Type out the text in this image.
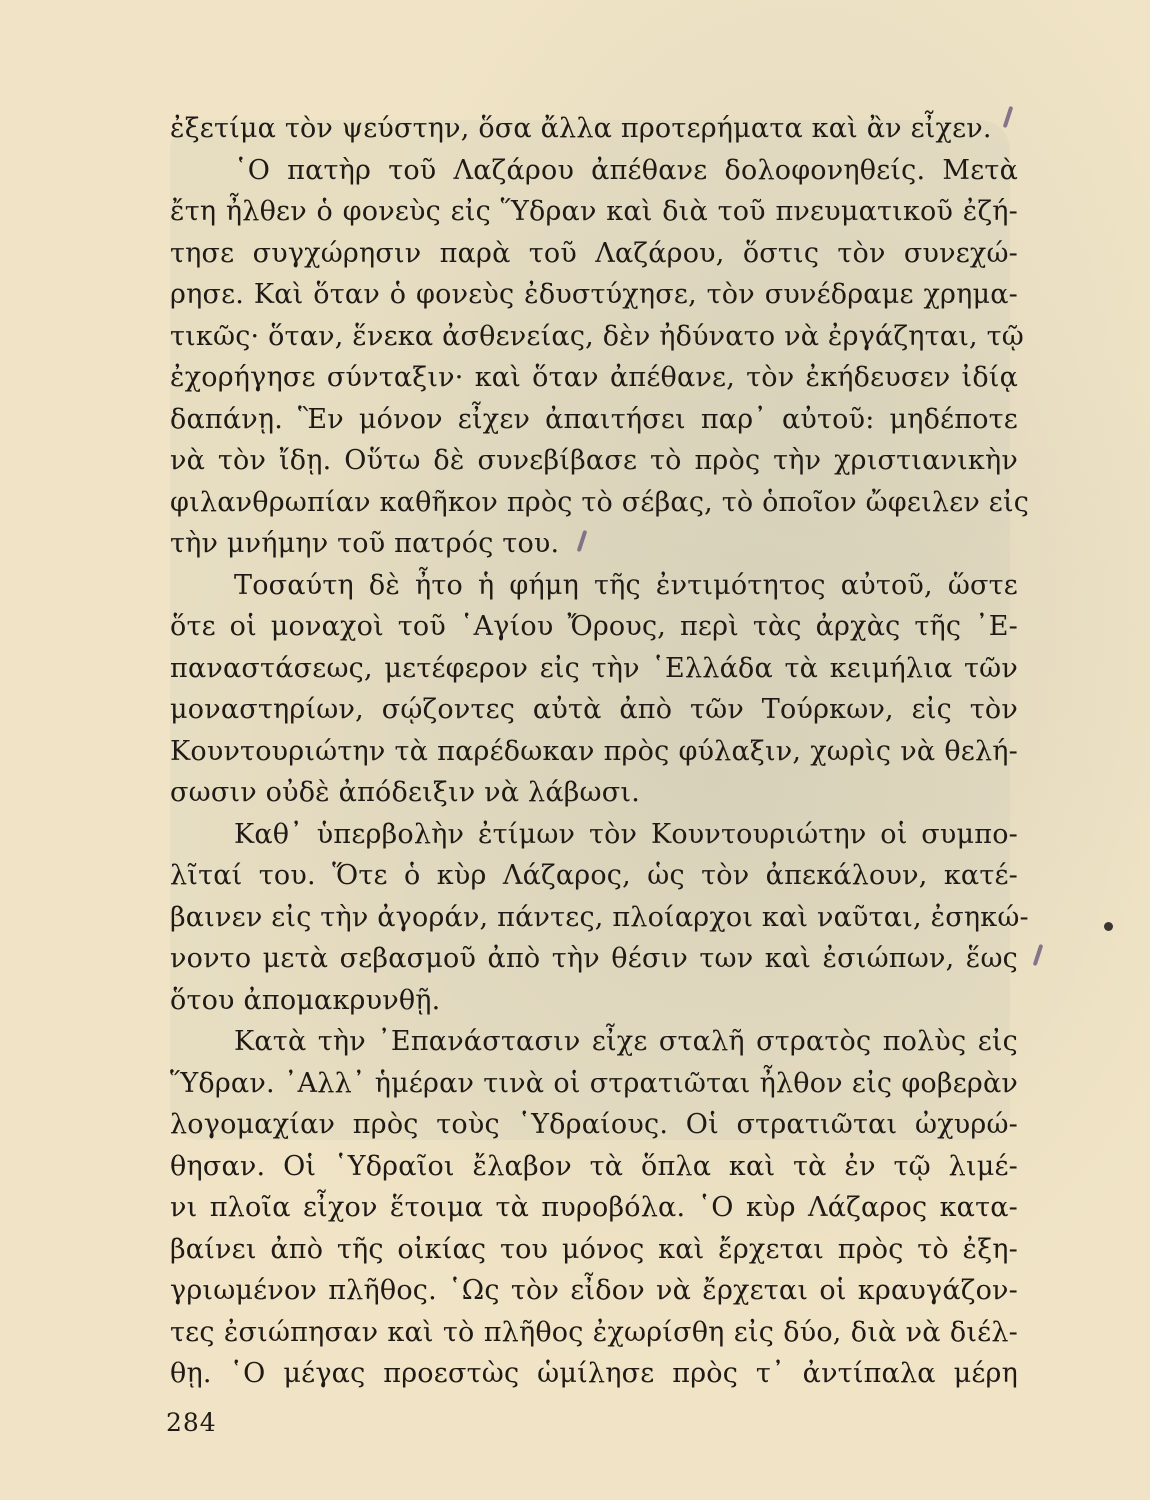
ἐξετίμα τὸν ψεύστην, ὅσα ἄλλα προτερήματα καὶ ἂν εἶχεν.
῾Ο πατὴρ τοῦ Λαζάρου ἀπέθανε δολοφονηθείς. Μετὰ
ἔτη ἦλθεν ὁ φονεὺς εἰς Ὕδραν καὶ διὰ τοῦ πνευματικοῦ ἐζή-
τησε συγχώρησιν παρὰ τοῦ Λαζάρου, ὅστις τὸν συνεχώ-
ρησε. Καὶ ὅταν ὁ φονεὺς ἐδυστύχησε, τὸν συνέδραμε χρημα-
τικῶς· ὅταν, ἕνεκα ἀσθενείας, δὲν ἠδύνατο νὰ ἐργάζηται, τῷ
ἐχορήγησε σύνταξιν· καὶ ὅταν ἀπέθανε, τὸν ἐκήδευσεν ἰδίᾳ
δαπάνῃ. Ἓν μόνον εἶχεν ἀπαιτήσει παρ᾽ αὐτοῦ: μηδέποτε
νὰ τὸν ἴδῃ. Οὕτω δὲ συνεβίβασε τὸ πρὸς τὴν χριστιανικὴν
φιλανθρωπίαν καθῆκον πρὸς τὸ σέβας, τὸ ὁποῖον ὤφειλεν εἰς
τὴν μνήμην τοῦ πατρός του.
Τοσαύτη δὲ ἦτο ἡ φήμη τῆς ἐντιμότητος αὐτοῦ, ὥστε
ὅτε οἱ μοναχοὶ τοῦ ῾Αγίου Ὄρους, περὶ τὰς ἀρχὰς τῆς ᾽Ε-
παναστάσεως, μετέφερον εἰς τὴν ῾Ελλάδα τὰ κειμήλια τῶν
μοναστηρίων, σῴζοντες αὐτὰ ἀπὸ τῶν Τούρκων, εἰς τὸν
Κουντουριώτην τὰ παρέδωκαν πρὸς φύλαξιν, χωρὶς νὰ θελή-
σωσιν οὐδὲ ἀπόδειξιν νὰ λάβωσι.
Καθ᾽ ὑπερβολὴν ἐτίμων τὸν Κουντουριώτην οἱ συμπο-
λῖταί του. Ὅτε ὁ κὺρ Λάζαρος, ὡς τὸν ἀπεκάλουν, κατέ-
βαινεν εἰς τὴν ἀγοράν, πάντες, πλοίαρχοι καὶ ναῦται, ἐσηκώ-
νοντο μετὰ σεβασμοῦ ἀπὸ τὴν θέσιν των καὶ ἐσιώπων, ἕως
ὅτου ἀπομακρυνθῇ.
Κατὰ τὴν ᾽Επανάστασιν εἶχε σταλῆ στρατὸς πολὺς εἰς
Ὕδραν. ᾽Αλλ᾽ ἡμέραν τινὰ οἱ στρατιῶται ἦλθον εἰς φοβερὰν
λογομαχίαν πρὸς τοὺς ῾Υδραίους. Οἱ στρατιῶται ὠχυρώ-
θησαν. Οἱ ῾Υδραῖοι ἔλαβον τὰ ὅπλα καὶ τὰ ἐν τῷ λιμέ-
νι πλοῖα εἶχον ἕτοιμα τὰ πυροβόλα. ῾Ο κὺρ Λάζαρος κατα-
βαίνει ἀπὸ τῆς οἰκίας του μόνος καὶ ἔρχεται πρὸς τὸ ἐξη-
γριωμένον πλῆθος. ῾Ως τὸν εἶδον νὰ ἔρχεται οἱ κραυγάζον-
τες ἐσιώπησαν καὶ τὸ πλῆθος ἐχωρίσθη εἰς δύο, διὰ νὰ διέλ-
θῃ. ῾Ο μέγας προεστὼς ὡμίλησε πρὸς τ᾽ ἀντίπαλα μέρη
284
